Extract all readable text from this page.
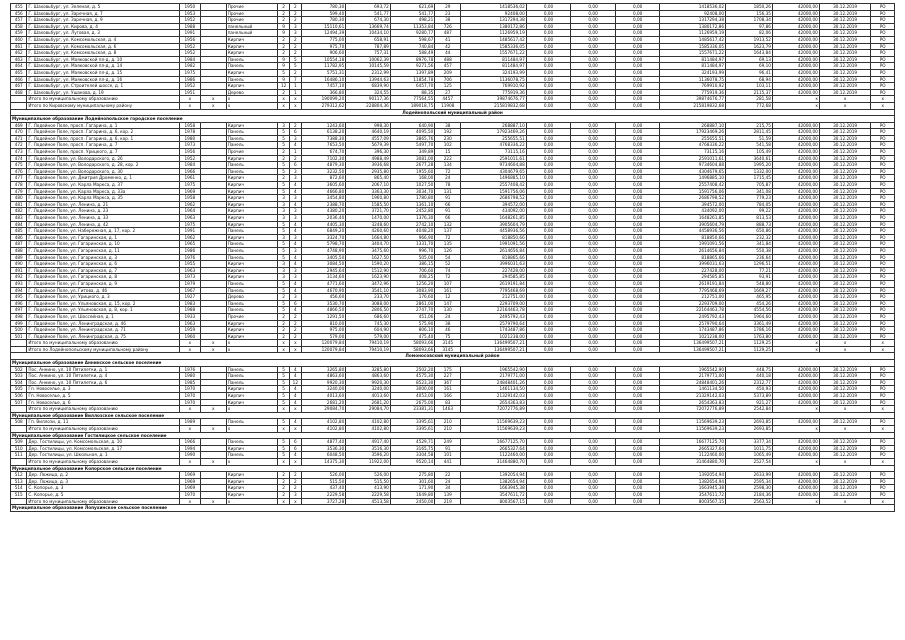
455	Г. Шаховьбург, ул. Зеленая, д. 5	1950		Прочие	2	2	780,30	693,72	621,69	29	1418536,02	0,00	0,00	0,00	1418536,02	1850,26	42000,00	30.12.2019	РО
456	Г. Шаховьбург, ул. Заречная, д. 7	1953		Прочие	2	2	599,40	541,77	541,77	23	92408,00	0,00	0,00	0,00	92408,00	156,35	42000,00	30.12.2019	РО
457	Г. Шаховьбург, ул. Заречная, д. 9	1952		Прочие	2	2	780,30	674,30	498,21	38	1317294,38	0,00	0,00	0,00	1317294,38	1708,34	42000,00	30.12.2019	РО
458	Г. Шаховьбург, ул. Кирова, д. 4	1988		панельный	9	3	15110,61	13669,74	11353,84	726	1380172,86	0,00	0,00	0,00	1380172,86	97,86	42000,00	30.12.2019	РО
459	Г. Шаховьбург, ул. Луговая, д. 3	1991		панельный	9	3	12494,39	10434,10	9280,77	487	1126959,19	0,00	0,00	0,00	1126959,19	82,06	42000,00	30.12.2019	РО
460	Г. Шаховьбург, ул. Комсомольская, д. 4	1956		Кирпич	2	2	775,00	658,91	598,67	41	1485617,42	0,00	0,00	0,00	1485617,42	1913,52	42000,00	30.12.2019	РО
461	Г. Шаховьбург, ул. Комсомольская, д. 6	1952		Кирпич	2	2	975,70	787,89	740,84	42	1585336,05	0,00	0,00	0,00	1585336,05	1623,79	42000,00	30.12.2019	РО
462	Г. Шаховьбург, ул. Комсомольская, д. 8	1952		Кирпич	2	2	906,60	757,31	588,49	44	1557671,22	0,00	0,00	0,00	1557671,22	1643,84	42000,00	30.12.2019	РО
463	Г. Шаховьбург, ул. Маяковской пл-д, д. 10	1984		Панель	9	5	10554,18	10062,39	8976,78	488	811484,97	0,00	0,00	0,00	811484,97	69,13	42000,00	30.12.2019	РО
464	Г. Шаховьбург, ул. Маяковской пл-д, д. 14	1982		Панель	9	5	11782,95	10145,59	9271,56	457	811484,97	0,00	0,00	0,00	811484,97	69,10	42000,00	30.12.2019	РО
465	Г. Шаховьбург, ул. Маяковской пл-д, д. 15	1975		Кирпич	5	2	5751,31	2312,99	1397,89	209	324193,99	0,00	0,00	0,00	324193,99	96,41	42000,00	30.12.2019	РО
466	Г. Шаховьбург, ул. Маяковской пл-д, д. 16	1986		Панель	9	7	16486,10	13944,63	11854,78	706	1136078,75	0,00	0,00	0,00	1136078,75	68,94	42000,00	30.12.2019	РО
467	Г. Шаховьбург, ул. Строителей шоссе, д. 1	1952		Кирпич	12	1	7457,10	6839,90	6457,70	125	769910,92	0,00	0,00	0,00	769910,92	103,11	42000,00	30.12.2019	РО
468	Г. Шаховьбург, ул. Ушакова, д. 19	1951		Дерево	2	1	366,80	324,55	88,35	27	775919,36	0,00	0,00	0,00	775919,36	2115,37	42000,00	30.12.2019	РО
	Итого по муниципальному образованию	x	x	x	x	x	190099,20	90117,36	77564,55	4457	39874676,77	0,00	0,00	0,00	39874676,77	281,58	x	x	x
	Итого по Кировскому муниципальному району	x	x	x	x	x	279312,62	228804,36	189018,75	11908	215819832,68	0,00	0,00	0,00	215819832,68	772,68	x	x	x
Лодейнопольский муниципальный район																			
Муниципальное образование Лодейнопольское городское поселение																			
469	Г. Лодейное Поле, просп. Гагарина, д. 1	1958		Кирпич	3	2	1243,60	998,30	640,90	38	268887,10	0,00	0,00	0,00	268887,10	215,75	42000,00	30.12.2019	РО
470	Г. Лодейное Поле, просп. Гагарина, д. 6, кор. 2	1978		Панель	5	6	6138,20	4640,19	4095,50	192	17923469,26	0,00	0,00	0,00	17923469,26	2811,45	42000,00	30.12.2019	РО
471	Г. Лодейное Поле, просп. Гагарина, д. 6, кор. 1	1980		Панель	5	3	7388,30	4557,09	3865,76	230	255655,51	0,00	0,00	0,00	255655,51	51,59	42000,00	30.12.2019	РО
472	Г. Лодейное Поле, просп. Гагарина, д. 7	1973		Панель	5	4	7653,50	5679,39	5497,70	102	4768336,22	0,00	0,00	0,00	4768336,22	541,58	42000,00	30.12.2019	РО
473	Г. Лодейное Поле, просп. Урицкого, д. 7	1956		Прочие	2	1	674,70	396,30	349,89	15	73115,16	0,00	0,00	0,00	73115,16	105,49	42000,00	30.12.2019	РО
474	Г. Лодейное Поле, ул. Володарского, д. 26	1952		Кирпич	2	2	7102,30	4988,49	3081,00	222	2591011,61	0,00	0,00	0,00	2591011,61	3640,61	42000,00	30.12.2019	РО
475	Г. Лодейное Поле, ул. Володарского, д. 28, кор. 2	1984		Панель	5	6	4879,30	3936,68	2677,28	134	9734604,88	0,00	0,00	0,00	9734604,88	1995,20	42000,00	30.12.2019	РО
476	Г. Лодейное Поле, ул. Володарского, д. 30	1966		Панель	5	3	3232,50	2935,80	1955,60	72	4304679,65	0,00	0,00	0,00	4304679,65	1332,00	42000,00	30.12.2019	РО
477	Г. Лодейное Поле, ул. Дмитрия Дроменко, д. 1	1961		Кирпич	2	3	872,60	865,40	168,00	24	1496885,10	0,00	0,00	0,00	1496885,10	1715,45	42000,00	30.12.2019	РО
478	Г. Лодейное Поле, ул. Карла Маркса, д. 37	1975		Кирпич	5	4	3605,60	2067,10	1027,50	78	2557408,42	0,00	0,00	0,00	2557408,42	705,87	42000,00	30.12.2019	РО
479	Г. Лодейное Поле, ул. Карла Маркса, д. 33а	1969		Кирпич	5	4	4666,80	3363,30	3034,70	131	1591756,06	0,00	0,00	0,00	1591756,06	341,08	42000,00	30.12.2019	РО
480	Г. Лодейное Поле, ул. Карла Маркса, д. 35	1958		Кирпич	3	3	3454,80	1960,80	1780,80	91	2686798,52	0,00	0,00	0,00	2686798,52	779,23	42000,00	30.12.2019	РО
481	Г. Лодейное Поле, ул. Ленина, д. 21	1962		Кирпич	3	4	2388,70	1585,50	1361,10	66	394572,00	0,00	0,00	0,00	394572,00	784,05	42000,00	30.12.2019	РО
482	Г. Лодейное Поле, ул. Ленина, д. 23	1964		Кирпич	3	3	4380,20	3721,70	2452,80	91	434092,00	0,00	0,00	0,00	434092,00	99,22	42000,00	30.12.2019	РО
483	Г. Лодейное Поле, ул. Ленина, д. 33	1963		Кирпич	3	3	2036,40	1470,00	1376,30	66	1648261,85	0,00	0,00	0,00	1648261,85	813,53	42000,00	30.12.2019	РО
484	Г. Лодейное Поле, ул. Ленина, д. 42	1975		Кирпич	5	4	4405,30	3248,60	2742,10	132	3905604,79	0,00	0,00	0,00	3905604,79	888,73	42000,00	30.12.2019	РО
485	Г. Лодейное Поле, ул. Набережная, д. 17, кор. 2	1991		Панель	5	4	6849,20	4260,60	4048,20	137	4458936,56	0,00	0,00	0,00	4458936,56	650,86	42000,00	30.12.2019	РО
486	Г. Лодейное Поле, ул. Гагаринская, д. 1	1962		Кирпич	3	3	3324,70	1664,80	966,90	72	818850,66	0,00	0,00	0,00	818850,66	232,32	42000,00	30.12.2019	РО
487	Г. Лодейное Поле, ул. Гагаринская, д. 10	1965		Панель	5	4	5798,70	3404,70	1331,70	135	1991091,56	0,00	0,00	0,00	1991091,56	341,84	42000,00	30.12.2019	РО
488	Г. Лодейное Поле, ул. Гагаринская, д. 11	1986		Панель	5	3	4748,90	3475,60	996,70	126	2614656,84	0,00	0,00	0,00	2614656,84	550,38	42000,00	30.12.2019	РО
489	Г. Лодейное Поле, ул. Гагаринская, д. 3	1976		Панель	5	4	3405,50	1627,50	505,00	54	818865,66	0,00	0,00	0,00	818865,66	236,64	42000,00	30.12.2019	РО
490	Г. Лодейное Поле, ул. Гагаринская, д. 6	1955		Кирпич	3	4	3084,50	1590,20	386,15	52	3996031,63	0,00	0,00	0,00	3996031,63	1296,51	42000,00	30.12.2019	РО
491	Г. Лодейное Поле, ул. Гагаринская, д. 7	1963		Кирпич	3	3	2945,64	1512,90	706,60	74	227428,00	0,00	0,00	0,00	227428,00	77,21	42000,00	30.12.2019	РО
492	Г. Лодейное Поле, ул. Гагаринская, д. 8	1973		Кирпич	3	3	3134,60	1623,90	408,25	72	294585,85	0,00	0,00	0,00	294585,85	93,91	42000,00	30.12.2019	РО
493	Г. Лодейное Поле, ул. Гагаринская, д. 9	1979		Панель	5	4	4771,60	3472,96	1256,20	107	2619191,84	0,00	0,00	0,00	2619191,84	548,80	42000,00	30.12.2019	РО
494	Г. Лодейное Поле, ул. Гитова, д. 46	1967		Панель	5	4	4670,90	3541,10	3083,90	161	7795468,69	0,00	0,00	0,00	7795468,69	1669,27	42000,00	30.12.2019	РО
495	Г. Лодейное Поле, ул. Урицкого, д. 3	1927		Дерево	2	3	456,60	233,70	176,60	12	212751,00	0,00	0,00	0,00	212751,00	465,95	42000,00	30.12.2019	РО
496	Г. Лодейное Поле, ул. Ульяновская, д. 15, кор. 2	1983		Панель	5	6	3530,70	3088,00	2861,00	147	2293709,00	0,00	0,00	0,00	2293709,00	454,26	42000,00	30.12.2019	РО
497	Г. Лодейное Поле, ул. Ульяновская, д. 8, кор. 1	1988		Панель	5	4	4866,50	2806,50	2747,70	130	22164463,78	0,00	0,00	0,00	22164463,78	4554,56	42000,00	30.12.2019	РО
498	Г. Лодейное Поле, ул. Шоссейная, д. 1	1933		Прочие	2	2	1291,50	686,60	451,06	24	2495792,43	0,00	0,00	0,00	2495792,43	1964,60	42000,00	30.12.2019	РО
499	Г. Лодейное Поле, ул. Ленинградская, д. 46	1963		Кирпич	2	2	810,00	745,30	575,90	38	2579790,64	0,00	0,00	0,00	2579790,64	3361,49	42000,00	30.12.2019	РО
500	Г. Лодейное Поле, ул. Ленинградская, д. 71	1959		Кирпич	2	2	975,00	604,90	806,10	46	1743487,86	0,00	0,00	0,00	1743487,86	1786,16	42000,00	30.12.2019	РО
501	Г. Лодейное Поле, ул. Ленинградская, д. 75	1960		Кирпич	2	2	579,00	579,00	475,40	75	1021238,00	0,00	0,00	0,00	1021238,00	1763,80	42000,00	30.12.2019	РО
	Итого по муниципальному образованию	x	x	x	x	x	120079,84	79410,19	58093,66	3145	136499507,21	0,00	0,00	0,00	136499507,21	1129,25	x	x	x
	Итого по Лодейнопольскому муниципальному району	x	x	x	x	x	120079,84	79410,19	58093,66	3145	136499507,21	0,00	0,00	0,00	136499507,21	1129,25	x	x	x
Ломоносовский муниципальный район																			
Муниципальное образование Аннинское сельское поселение																			
502	Пос. Аннино, ул. 10 Пятилетки, д. 1	1976		Панель	5	4	3265,80	3285,80	2502,20	175	1965542,90	0,00	0,00	0,00	1965542,90	448,75	42000,00	30.12.2019	РО
503	Пос. Аннино, ул. 10 Пятилетки, д. 4	1980		Панель	5	4	4863,60	4863,60	4575,30	227	2179771,00	0,00	0,00	0,00	2179771,00	440,18	42000,00	30.12.2019	РО
504	Пос. Аннино, ул. 10 Пятилетки, д. 6	1985		Панель	5	12	9920,30	9920,30	8523,30	367	24848401,26	0,00	0,00	0,00	24848401,26	2312,77	42000,00	30.12.2019	РО
505	Гп. Новоселье, д. 3	1970		Кирпич	5	4	3240,00	3240,00	3000,00	161	1461134,50	0,00	0,00	0,00	1461134,50	450,93	42000,00	30.12.2019	РО
506	Гп. Новоселье, д. 5	1970		Кирпич	5	4	4013,60	4013,60	4053,00	166	21329142,03	0,00	0,00	0,00	21329142,03	5373,89	42000,00	30.12.2019	РО
507	Гп. Новоселье, д. 6	1970		Кирпич	5	4	2681,20	2681,20	2675,00	83	2654363,83	0,00	0,00	0,00	2654363,83	921,27	42000,00	30.12.2019	РО
	Итого по муниципальному образованию	x	x	x	x	x	29084,70	29084,70	23381,31	1463	72072776,89	0,00	0,00	0,00	72072776,89	2542,84	x	x	x
Муниципальное образование Виллозское сельское поселение																			
508	Гп. Виллози, д. 11	1989		Панель	5	4	4102,80	4102,80	3395,61	210	11569639,23	0,00	0,00	0,00	11569639,23	2693,85	42000,00	30.12.2019	РО
	Итого по муниципальному образованию	x	x	x	x	x	4102,80	4102,80	3395,61	210	11569639,23	0,00	0,00	0,00	11569639,23	2693,85	x	x	x
Муниципальное образование Гостилицкое сельское поселение																			
509	Дер. Гостилицы, ул. Комсомольская, д. 10	1966		Панель	5	6	4877,40	4917,40	4529,71	249	16677125,70	0,00	0,00	0,00	16677125,70	3377,34	42000,00	30.12.2019	РО
510	Дер. Гостилицы, ул. Комсомольская, д. 17	1994		Кирпич	5	6	3536,30	3516,30	3165,75	91	2665327,64	0,00	0,00	0,00	2665327,64	1011,75	42000,00	30.12.2019	РО
511	Дер. Гостилицы, ул. Школьная, д. 1	1990		Панель	5	4	6048,50	3596,20	3304,58	101	1122460,00	0,00	0,00	0,00	1122460,00	1065,49	42000,00	30.12.2019	РО
	Итого по муниципальному образованию	x	x	x	x	x	14375,30	11922,00	9520,14	441	31464880,70	0,00	0,00	0,00	31464880,70	2527,54	x	x	x
Муниципальное образование Копорское сельское поселение																			
512	Дер. Ложица, д. 2	1969		Кирпич	2	2	526,00	526,00	275,80	22	1392054,94	0,00	0,00	0,00	1392054,94	2633,99	42000,00	30.12.2019	РО
513	Дер. Ложица, д. 3	1969		Кирпич	2	2	515,50	515,50	301,60	24	1382654,94	0,00	0,00	0,00	1382654,94	2595,34	42000,00	30.12.2019	РО
514	С. Копорье, д. 3	1969		Кирпич	2	2	437,40	413,90	171,90	34	1663945,38	0,00	0,00	0,00	1663945,38	2598,30	42000,00	30.12.2019	РО
515	С. Копорье, д. 5	1970		Кирпич	2	3	2229,58	2229,58	1649,80	139	3547611,72	0,00	0,00	0,00	3547611,72	2184,36	42000,00	30.12.2019	РО
	Итого по муниципальному образованию	x	x	x	x	x	3727,28	4513,58	2450,00	219	8003567,15	0,00	0,00	0,00	8003567,15	2563,52	x	x	x
Муниципальное образование Лопухинское сельское поселение																			
